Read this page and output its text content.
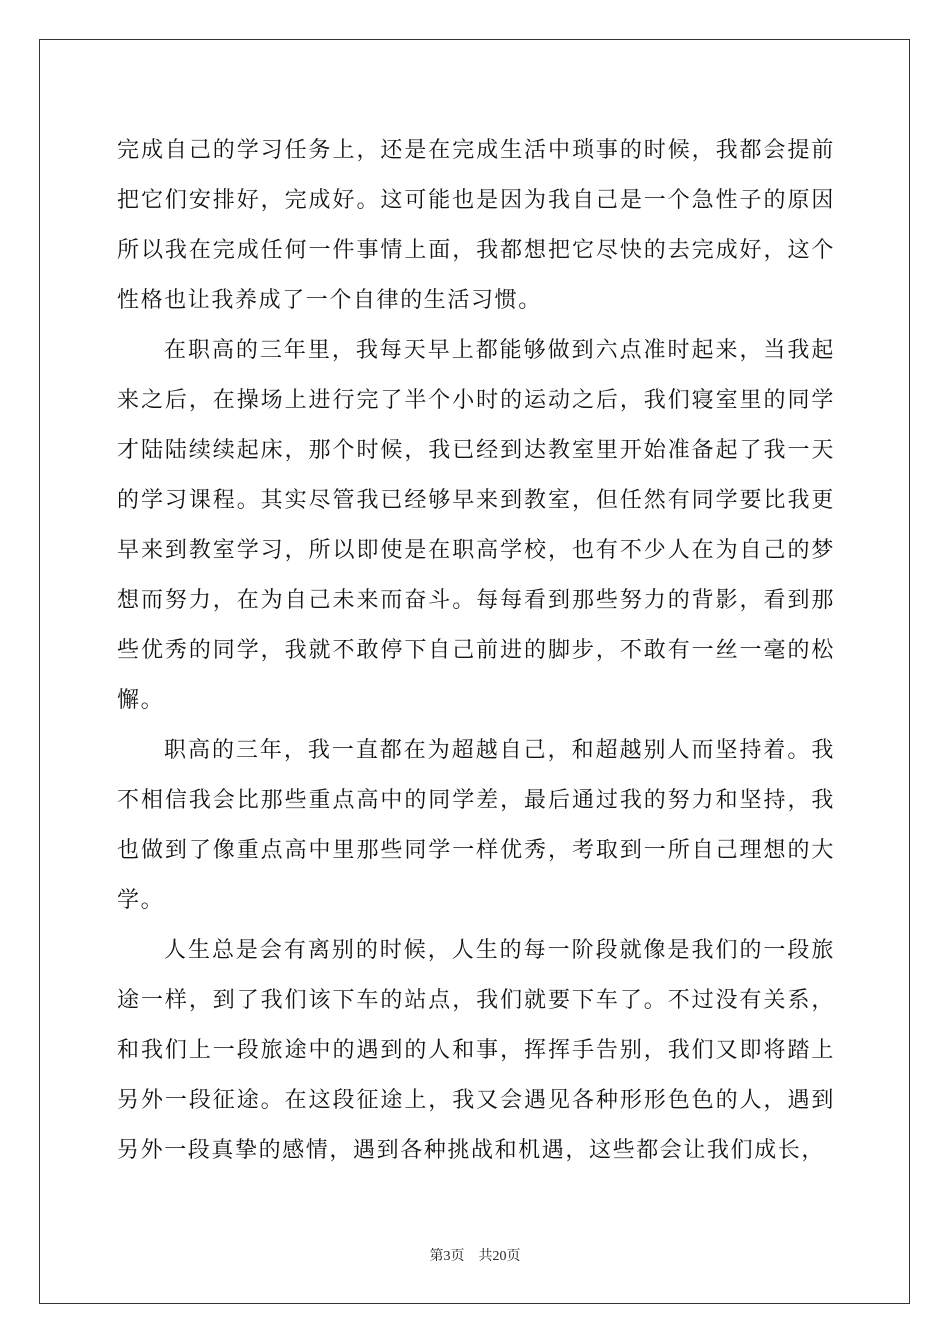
完成自己的学习任务上，还是在完成生活中琐事的时候，我都会提前
把它们安排好，完成好。这可能也是因为我自己是一个急性子的原因
所以我在完成任何一件事情上面，我都想把它尽快的去完成好，这个
性格也让我养成了一个自律的生活习惯。
在职高的三年里，我每天早上都能够做到六点准时起来，当我起
来之后，在操场上进行完了半个小时的运动之后，我们寝室里的同学
才陆陆续续起床，那个时候，我已经到达教室里开始准备起了我一天
的学习课程。其实尽管我已经够早来到教室，但任然有同学要比我更
早来到教室学习，所以即使是在职高学校，也有不少人在为自己的梦
想而努力，在为自己未来而奋斗。每每看到那些努力的背影，看到那
些优秀的同学，我就不敢停下自己前进的脚步，不敢有一丝一毫的松
懈。
职高的三年，我一直都在为超越自己，和超越别人而坚持着。我
不相信我会比那些重点高中的同学差，最后通过我的努力和坚持，我
也做到了像重点高中里那些同学一样优秀，考取到一所自己理想的大
学。
人生总是会有离别的时候，人生的每一阶段就像是我们的一段旅
途一样，到了我们该下车的站点，我们就要下车了。不过没有关系，
和我们上一段旅途中的遇到的人和事，挥挥手告别，我们又即将踏上
另外一段征途。在这段征途上，我又会遇见各种形形色色的人，遇到
另外一段真挚的感情，遇到各种挑战和机遇，这些都会让我们成长，
第3页 共20页
